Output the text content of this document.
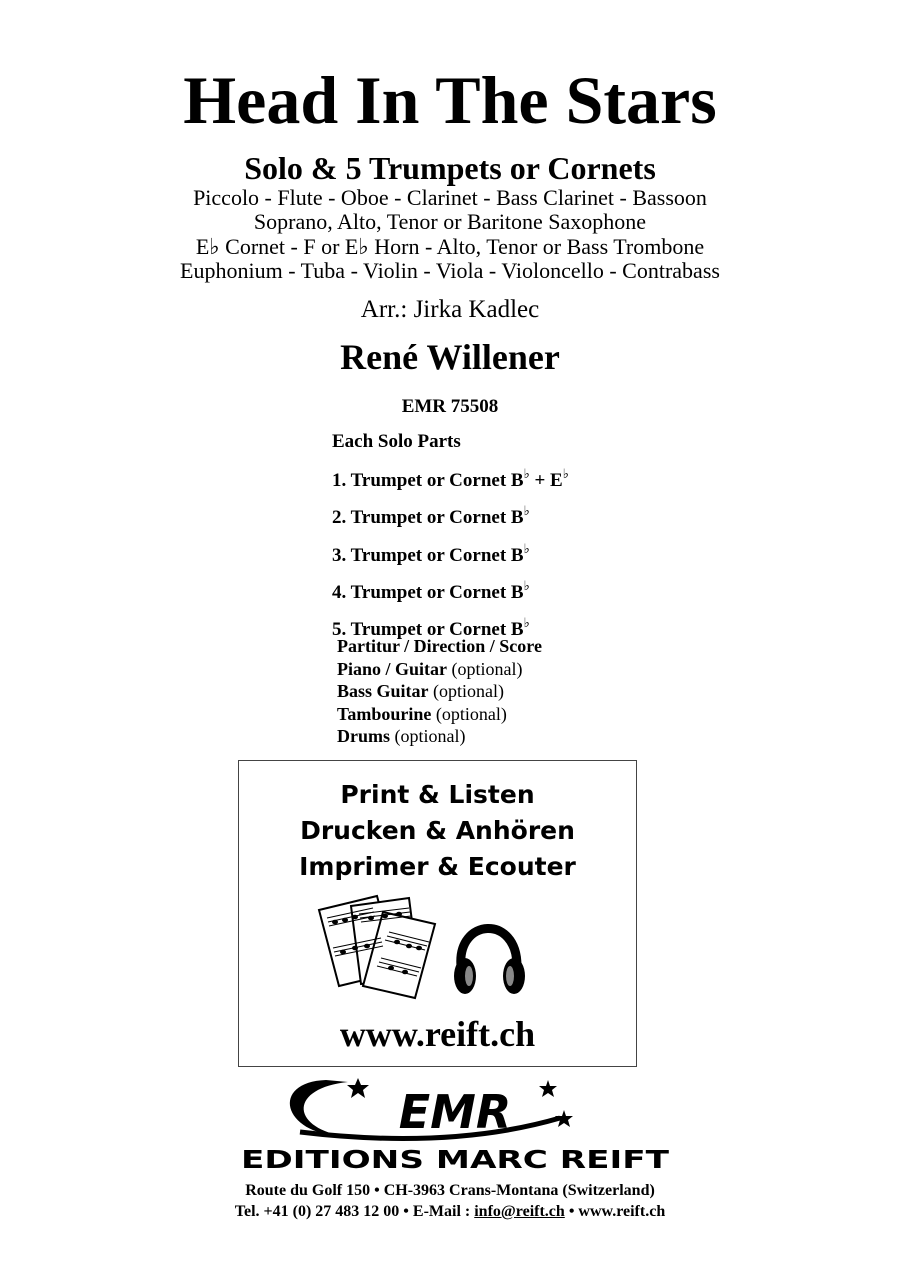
Head In The Stars
Solo & 5 Trumpets or Cornets
Piccolo - Flute - Oboe - Clarinet - Bass Clarinet - Bassoon
Soprano, Alto, Tenor or Baritone Saxophone
E♭ Cornet - F or E♭ Horn - Alto, Tenor or Bass Trombone
Euphonium - Tuba - Violin - Viola - Violoncello - Contrabass
Arr.: Jirka Kadlec
René Willener
EMR 75508
Each Solo Parts
1. Trumpet or Cornet B♭ + E♭
2. Trumpet or Cornet B♭
3. Trumpet or Cornet B♭
4. Trumpet or Cornet B♭
5. Trumpet or Cornet B♭
Partitur / Direction / Score
Piano / Guitar (optional)
Bass Guitar (optional)
Tambourine (optional)
Drums (optional)
Print & Listen
Drucken & Anhören
Imprimer & Ecouter
www.reift.ch
EMR
EDITIONS MARC REIFT
Route du Golf 150 • CH-3963 Crans-Montana (Switzerland)
Tel. +41 (0) 27 483 12 00 • E-Mail : info@reift.ch • www.reift.ch
